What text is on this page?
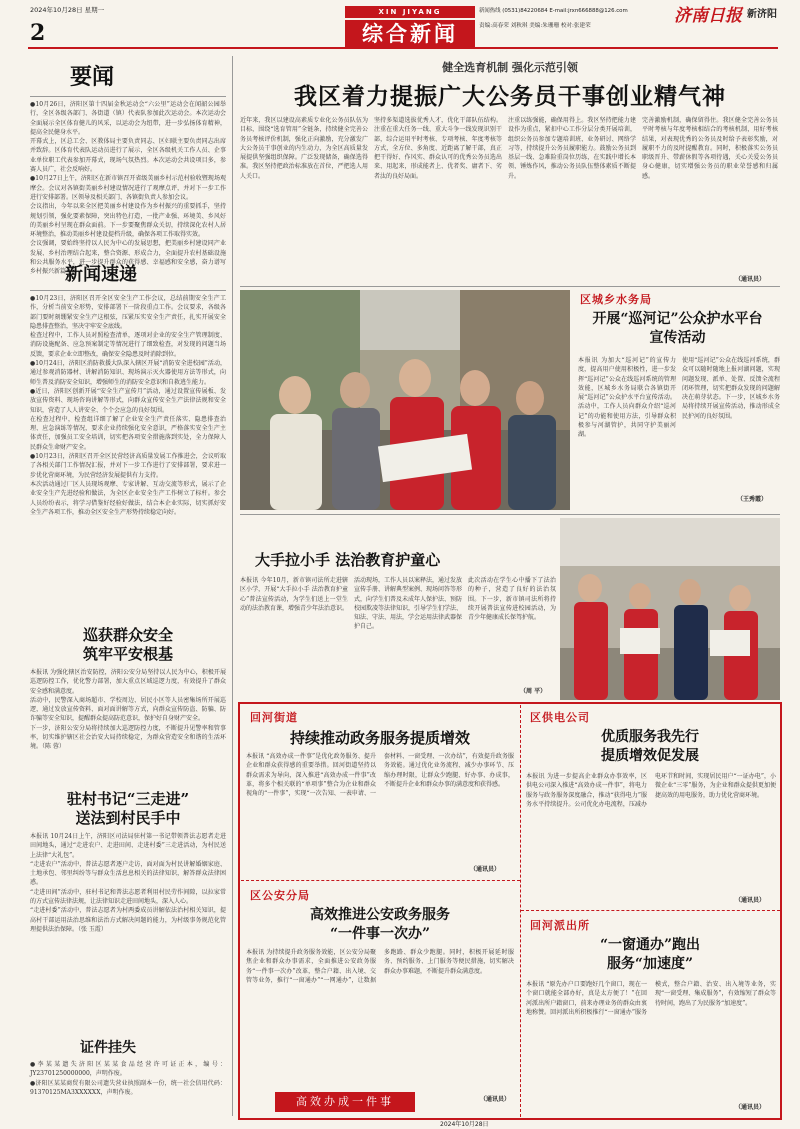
2024年10月28日 星期一
2
XIN JIYANG
综合新闻
新闻热线 (0531)84220684 E-mail:jrxn666888@126.com
责编:高春荣 刘秋琪 美编:朱珊珊 校对:张建荣	济南日报 新济阳
要闻

●10月26日，济阳区第十四届金秋运动会“六公里”运动会在闻韶公园举行，全区各级各部门、各街道（镇）代表队参加此次运动会。本次运动会全面展示全区体育健儿的风采，以运动会为纽带，进一步弘扬体育精神，提高全民健身水平。

开幕式上，区总工会、区教体局主要负责同志、区妇联主要负责同志出席并致辞。区体育代表队运动员进行了展示，全区各级机关工作人员、企事业单位职工代表参加开幕式，现场气氛热烈。本次运动会共设项目多，参赛人员广，社会反响好。

●10月27日上午，济阳区在新市镇召开省级美丽乡村示范村验收暨现场观摩会。会议对各镇街美丽乡村建设情况进行了观摩点评，并对下一步工作进行安排部署。区领导及相关部门、各镇街负责人参加会议。

会议指出，今年以来全区把美丽乡村建设作为乡村振兴的重要抓手，坚持规划引领，强化要素保障，突出特色打造，一批产业强、环境美、乡风好的美丽乡村呈现在群众面前。下一步要聚焦群众关切，持续深化农村人居环境整治，推动美丽乡村建设提档升级，确保各项工作取得实效。

会议强调，要始终坚持以人民为中心的发展思想，把美丽乡村建设同产业发展、乡村治理结合起来，整合资源、形成合力，全面提升农村基础设施和公共服务水平，进一步提升群众的获得感、幸福感和安全感，奋力谱写乡村振兴新篇章。

新闻速递

●10月23日，济阳区召开全区安全生产工作会议，总结前期安全生产工作，分析当前安全形势，安排部署下一阶段重点工作。会议要求，各级各部门要时刻绷紧安全生产这根弦，压紧压实安全生产责任，扎实开展安全隐患排查整治，坚决守牢安全底线。

检查过程中，工作人员对照检查清单，逐项对企业的安全生产管理制度、消防设施配备、应急预案制定等情况进行了细致检查，对发现的问题当场反馈，要求企业立即整改，确保安全隐患及时消除到位。

●10月24日，济阳区消防救援大队深入辖区开展“消防安全进校园”活动，通过参观消防器材、讲解消防知识、现场演示灭火器使用方法等形式，向师生普及消防安全知识，增强师生的消防安全意识和自救逃生能力。

●近日，济阳区创新开展“安全生产宣传月”活动，通过设置宣传展板、发放宣传资料、现场咨询讲解等形式，向群众宣传安全生产法律法规和安全知识，营造了人人讲安全、个个会应急的良好氛围。

在检查过程中，检查组详细了解了企业安全生产责任落实、隐患排查治理、应急演练等情况，要求企业持续强化安全意识，严格落实安全生产主体责任，加强员工安全培训，切实把各项安全措施落到实处，全力保障人民群众生命财产安全。

●10月23日，济阳区召开全区民营经济高质量发展工作推进会，会议听取了各相关部门工作情况汇报，并对下一步工作进行了安排部署，要求进一步优化营商环境，为民营经济发展提供有力支持。

本次活动通过厂区人员现场观摩、专家讲解、互动交流等形式，展示了企业安全生产先进经验和做法，为全区企业安全生产工作树立了标杆。参会人员纷纷表示，将学习借鉴好经验好做法，结合本企业实际，切实抓好安全生产各项工作，推动全区安全生产形势持续稳定向好。

巡获群众安全
筑牢平安根基

本报讯 为强化辖区治安防控，济阳公安分局坚持以人民为中心，积极开展巡逻防控工作，优化警力部署，加大重点区域巡逻力度，有效提升了群众安全感和满意度。

活动中，民警深入商场超市、学校周边、居民小区等人员密集场所开展巡逻，通过发放宣传资料、面对面讲解等方式，向群众宣传防盗、防骗、防诈骗等安全知识，提醒群众提高防范意识，保护好自身财产安全。

下一步，济阳公安分局将持续加大巡逻防控力度，不断提升见警率和管事率，切实维护辖区社会治安大局持续稳定，为群众营造安全和谐的生活环境。（陈 蓉）

驻村书记“三走进”
送法到村民手中

本报讯 10月24日上午，济阳区司法局驻村第一书记带领普法志愿者走进田间地头，通过“走进农户、走进田间、走进村委”三走进活动，为村民送上法律“大礼包”。

“走进农户”活动中，普法志愿者逐户走访，面对面为村民讲解婚姻家庭、土地承包、邻里纠纷等与群众生活息息相关的法律知识，解答群众法律困惑。

“走进田间”活动中，驻村书记和普法志愿者利用村民劳作间隙，以拉家常的方式宣传法律法规，让法律知识走进田间地头，深入人心。

“走进村委”活动中，普法志愿者为村两委成员讲解依法治村相关知识，提高村干部运用法治思维和法治方式解决问题的能力，为村级事务规范化管理提供法治保障。（张 玉霞）

证件挂失

●李某某遗失济阳区某某食品经营许可证正本，编号：JY23701250000000，声明作废。

●济阳区某某商贸有限公司遗失营业执照副本一份，统一社会信用代码：91370125MA3XXXXXX，声明作废。

健全选育机制 强化示范引领
我区着力提振广大公务员干事创业精气神
近年来，我区以建设高素质专业化公务员队伍为目标，围绕“选育管用”全链条，持续健全完善公务员考核评价机制，强化正向激励，充分激发广大公务员干事创业的内生动力，为全区高质量发展提供坚强组织保障。广泛发现储备，确保选得准。我区坚持把政治标准放在首位，严把选人用人关口。
坚持多渠道选拔优秀人才，优化干部队伍结构。注重在重大任务一线、重大斗争一线发现识别干部，综合运用平时考核、专项考核、年度考核等方式，全方位、多角度、近距离了解干部，真正把干得好、作风实、群众认可的优秀公务员选出来、用起来，形成能者上、优者奖、庸者下、劣者汰的良好局面。
注重以练强能，确保用得上。我区坚持把能力建设作为重点，紧扣中心工作分层分类开展培训，组织公务员参加专题培训班、业务研讨、网络学习等，持续提升公务员履职能力。鼓励公务员到基层一线、急难险重岗位历练，在实践中增长本领、锤炼作风，推动公务员队伍整体素质不断提升。
完善激励机制，确保留得住。我区健全完善公务员平时考核与年度考核相结合的考核机制，用好考核结果，对表现优秀的公务员及时给予表彰奖励，对履职不力的及时提醒教育。同时，积极落实公务员职级晋升、带薪休假等各项待遇，关心关爱公务员身心健康，切实增强公务员的职业荣誉感和归属感。
（通讯员）
区城乡水务局
开展“巡河记”公众护水平台
宣传活动
本报讯 为加大“巡河记”的宣传力度，提高用户使用积极性，进一步发挥“巡河记”公众在线巡河系统的管理效能，区城乡水务局联合各镇街开展“巡河记”公众护水平台宣传活动。活动中，工作人员向群众介绍“巡河记”的功能和使用方法，引导群众积极参与河湖管护，共同守护美丽河湖。
使用“巡河记”公众在线巡河系统，群众可以随时随地上报河湖问题，实现问题发现、派单、处置、反馈全流程闭环管理，切实把群众发现的问题解决在萌芽状态。下一步，区城乡水务局将持续开展宣传活动，推动形成全民护河的良好氛围。
（王秀霞）
大手拉小手 法治教育护童心
本报讯 今年10月，新市镇司法所走进辖区小学，开展“大手拉小手 法治教育护童心”普法宣传活动，为学生们送上一堂生动的法治教育课，增强青少年法治意识。
活动现场，工作人员以案释法，通过发放宣传手册、讲解典型案例、现场问答等形式，向学生们普及未成年人保护法、预防校园欺凌等法律知识，引导学生们学法、知法、守法、用法，学会运用法律武器保护自己。
此次活动在学生心中播下了法治的种子，营造了良好的法治氛围。下一步，新市镇司法所将持续开展普法宣传进校园活动，为青少年健康成长保驾护航。
（周 平）
回河街道
持续推动政务服务提质增效
本报讯 “高效办成一件事”是优化政务服务、提升企业和群众获得感的重要举措。回河街道坚持以群众需求为导向，深入推进“高效办成一件事”改革，将多个相关联的“单项事”整合为企业和群众视角的“一件事”，实现“一次告知、一表申请、一套材料、一窗受理、一次办结”，有效提升政务服务效能。通过优化业务流程、减少办事环节、压缩办理时限，让群众少跑腿、好办事、办成事，不断提升企业和群众办事的满意度和获得感。
（通讯员）
区供电公司
优质服务我先行
提质增效促发展
本报讯 为进一步提高企业群众办事效率，区供电公司深入推进“高效办成一件事”，将电力服务与政务服务深度融合，推动“获得电力”服务水平持续提升。公司优化办电流程，压减办电环节和时间，实现居民用户“一证办电”，小微企业“三零”服务，为企业和群众提供更加便捷高效的用电服务，助力优化营商环境。
（通讯员）
区公安分局
高效推进公安政务服务
“一件事一次办”
本报讯 为持续提升政务服务效能，区公安分局聚焦企业和群众办事需求，全面推进公安政务服务“一件事一次办”改革，整合户籍、出入境、交管等业务，推行“一窗通办”“一网通办”，让数据多跑路、群众少跑腿。同时，积极开展延时服务、预约服务、上门服务等便民措施，切实解决群众办事难题，不断提升群众满意度。
（通讯员）
高效办成一件事
回河派出所
“一窗通办”跑出
服务“加速度”
本报讯 “原先办户口要跑好几个窗口，现在一个窗口就能全部办好，真是太方便了！”在回河派出所户籍窗口，前来办理业务的群众由衷地称赞。回河派出所积极推行“一窗通办”服务模式，整合户籍、治安、出入境等业务，实现“一窗受理、集成服务”，有效缩短了群众等待时间，跑出了为民服务“加速度”。
（通讯员）
2024年10月28日
